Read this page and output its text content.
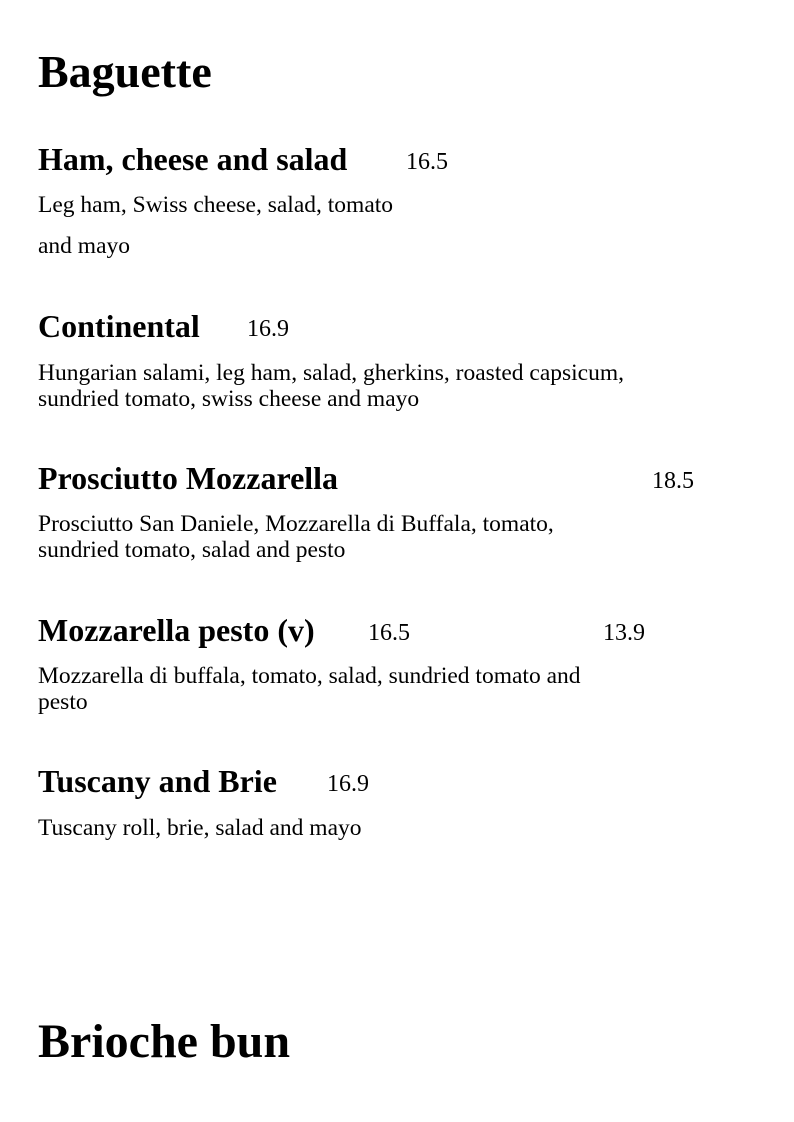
Baguette
Ham, cheese and salad 16.5
Leg ham, Swiss cheese, salad, tomato
and mayo
Continental 16.9
Hungarian salami, leg ham, salad, gherkins, roasted capsicum,
sundried tomato, swiss cheese and mayo
Prosciutto Mozzarella	18.5
Prosciutto San Daniele, Mozzarella di Buffala, tomato,
sundried tomato, salad and pesto
Mozzarella pesto (v) 16.5	13.9
Mozzarella di buffala, tomato, salad, sundried tomato and
pesto
Tuscany and Brie 16.9
Tuscany roll, brie, salad and mayo
Brioche bun
